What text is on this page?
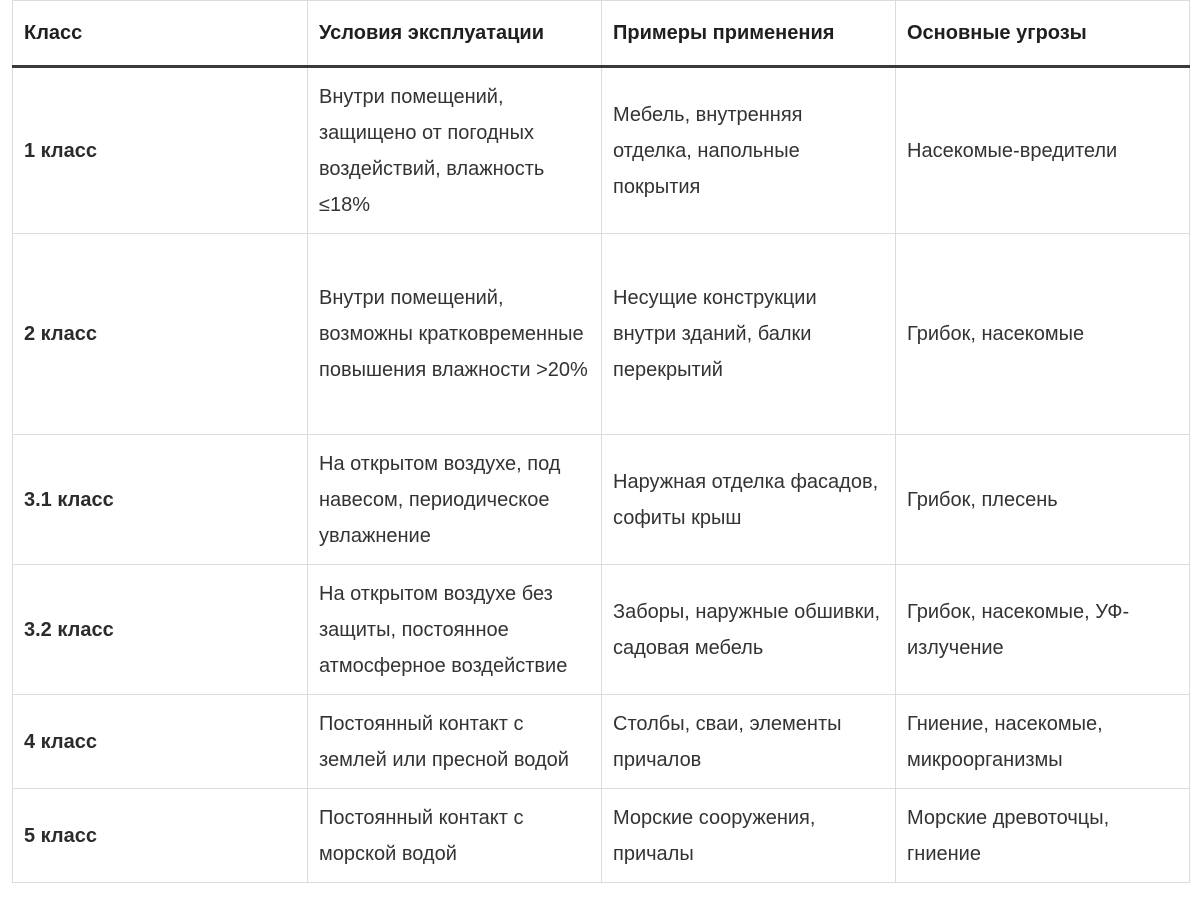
Класс	Условия эксплуатации	Примеры применения	Основные угрозы
1 класс	Внутри помещений, защищено от погодных воздействий, влажность ≤18%	Мебель, внутренняя отделка, напольные покрытия	Насекомые-вредители
2 класс	Внутри помещений, возможны кратковременные повышения влажности >20%	Несущие конструкции внутри зданий, балки перекрытий	Грибок, насекомые
3.1 класс	На открытом воздухе, под навесом, периодическое увлажнение	Наружная отделка фасадов, софиты крыш	Грибок, плесень
3.2 класс	На открытом воздухе без защиты, постоянное атмосферное воздействие	Заборы, наружные обшивки, садовая мебель	Грибок, насекомые, УФ-излучение
4 класс	Постоянный контакт с землей или пресной водой	Столбы, сваи, элементы причалов	Гниение, насекомые, микроорганизмы
5 класс	Постоянный контакт с морской водой	Морские сооружения, причалы	Морские древоточцы, гниение
